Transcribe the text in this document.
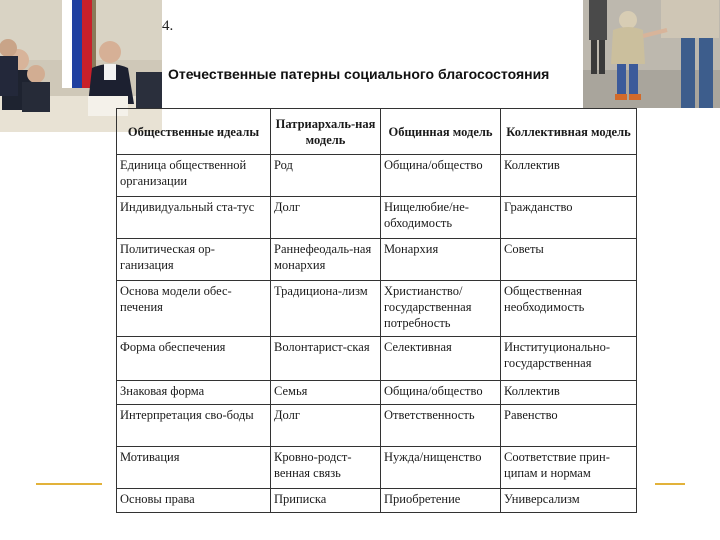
4.
Отечественные патерны социального благосостояния
Общественные идеалы	Патриархаль-ная модель	Общинная модель	Коллективная модель
Единица общественной организации	Род	Община/общество	Коллектив
Индивидуальный ста-тус	Долг	Нищелюбие/не-обходимость	Гражданство
Политическая ор-ганизация	Раннефеодаль-ная монархия	Монархия	Советы
Основа модели обес-печения	Традициона-лизм	Христианство/ государственная потребность	Общественная необходимость
Форма обеспечения	Волонтарист-ская	Селективная	Институционально-государственная
Знаковая форма	Семья	Община/общество	Коллектив
Интерпретация сво-боды	Долг	Ответственность	Равенство
Мотивация	Кровно-родст-венная связь	Нужда/нищенство	Соответствие прин-ципам и нормам
Основы права	Приписка	Приобретение	Универсализм
